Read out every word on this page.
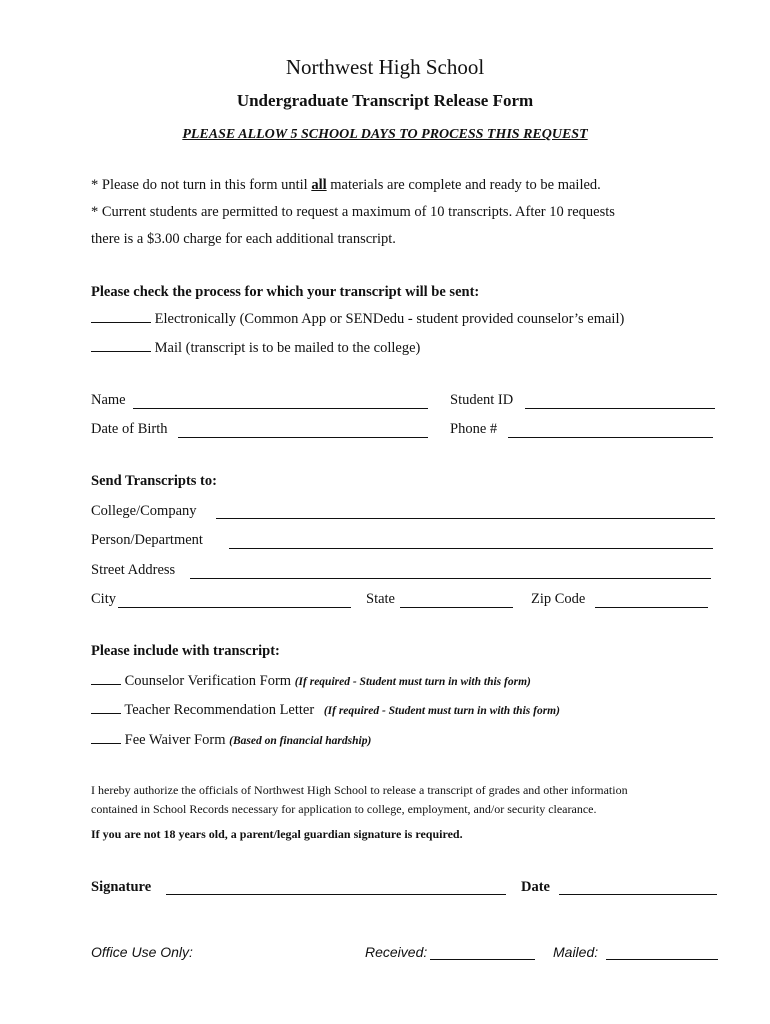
Northwest High School
Undergraduate Transcript Release Form
PLEASE ALLOW 5 SCHOOL DAYS TO PROCESS THIS REQUEST
* Please do not turn in this form until all materials are complete and ready to be mailed.
* Current students are permitted to request a maximum of 10 transcripts. After 10 requests
there is a $3.00 charge for each additional transcript.
Please check the process for which your transcript will be sent:
Electronically (Common App or SENDedu - student provided counselor’s email)
Mail (transcript is to be mailed to the college)
Name	Student ID
Date of Birth	Phone #
Send Transcripts to:
College/Company
Person/Department
Street Address
City	State	Zip Code
Please include with transcript:
Counselor Verification Form (If required - Student must turn in with this form)
Teacher Recommendation Letter (If required - Student must turn in with this form)
Fee Waiver Form (Based on financial hardship)
I hereby authorize the officials of Northwest High School to release a transcript of grades and other information
contained in School Records necessary for application to college, employment, and/or security clearance.
If you are not 18 years old, a parent/legal guardian signature is required.
Signature	Date
Office Use Only:	Received:	Mailed:
